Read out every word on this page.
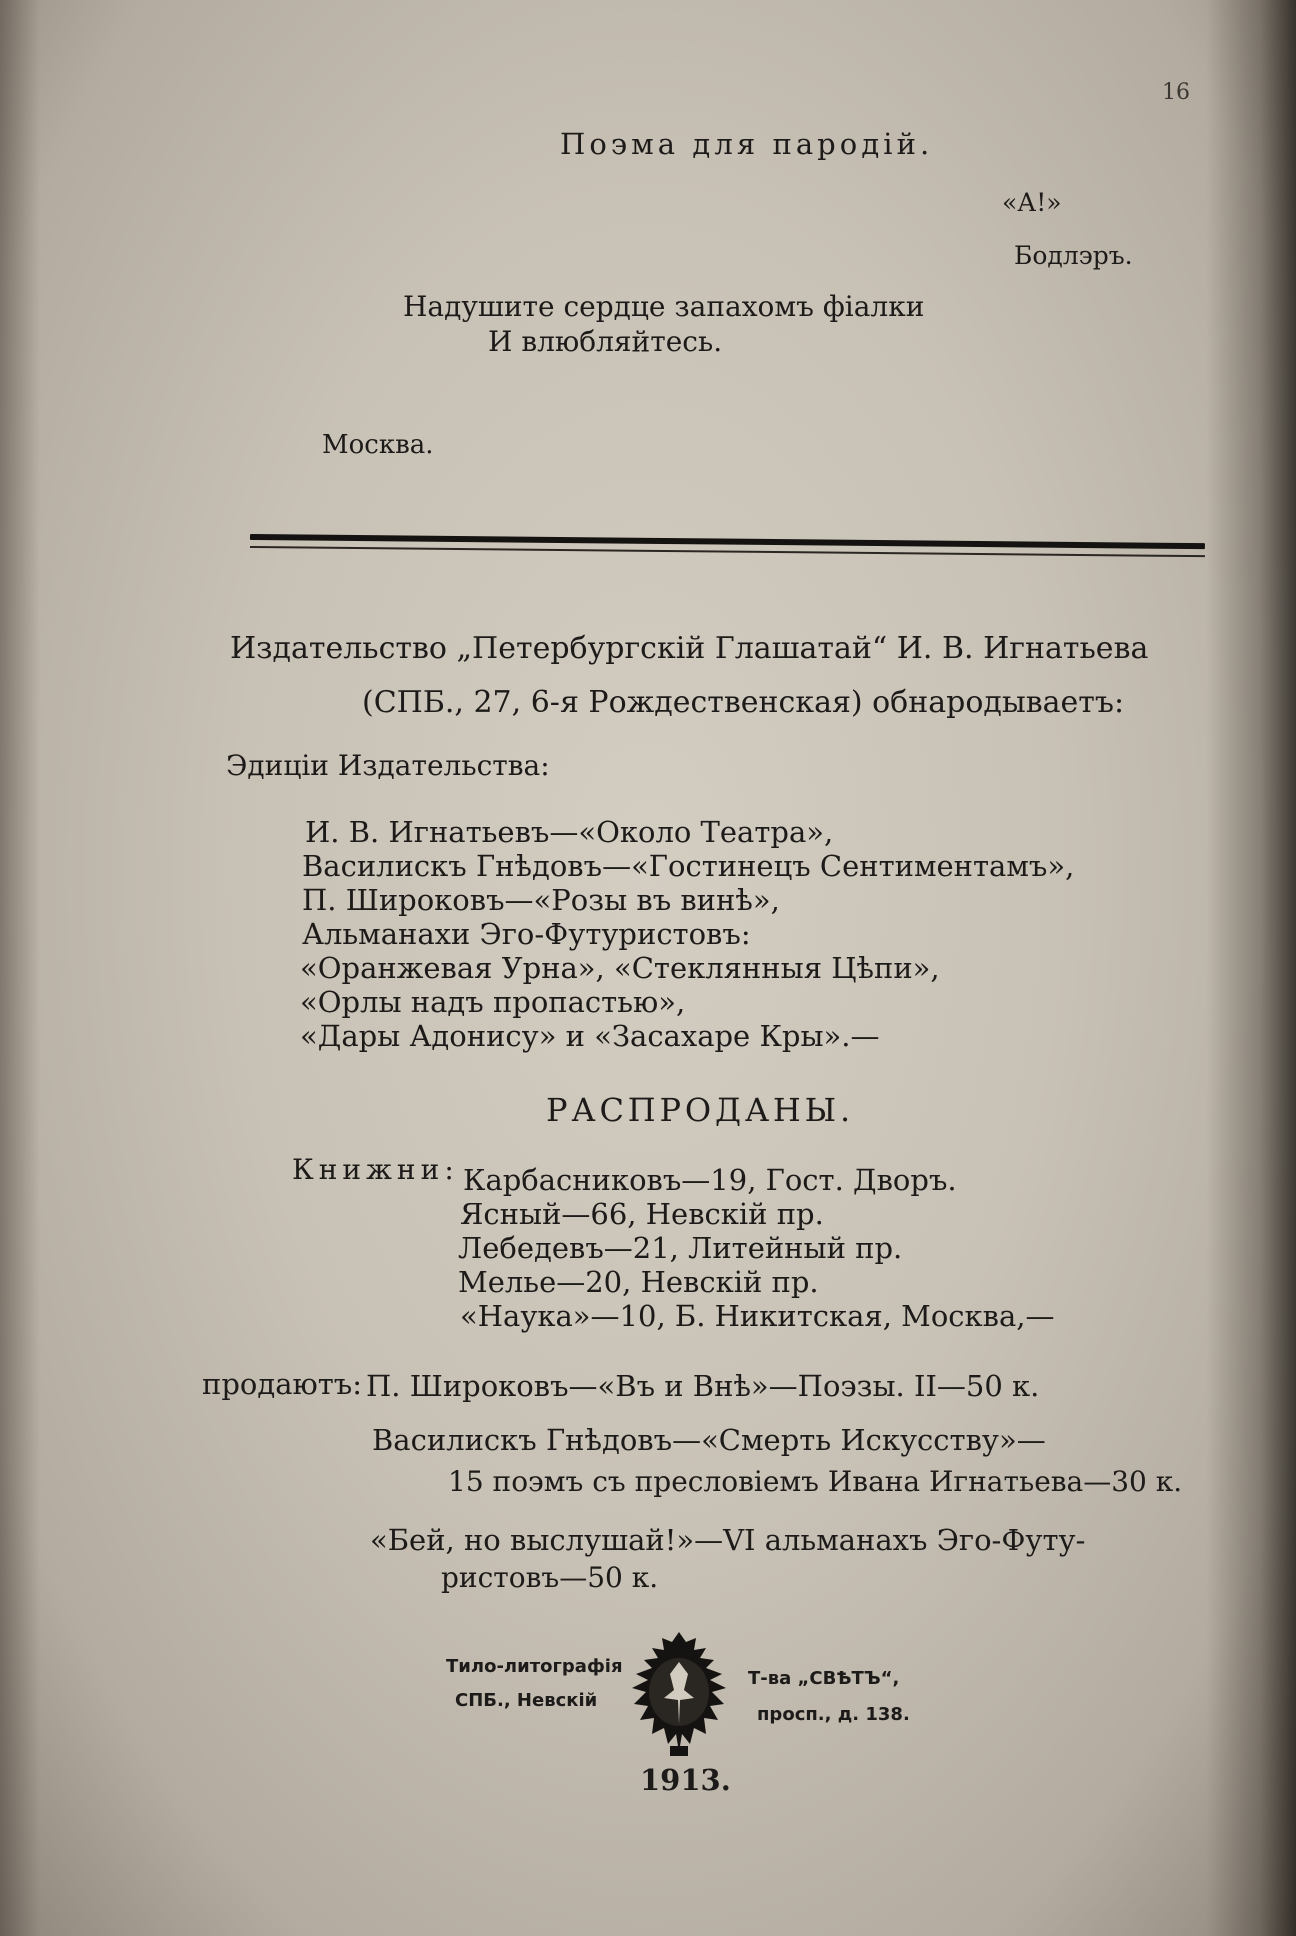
16
Поэма для пародій.
«А!»
Бодлэръ.
Надушите сердце запахомъ фіалки
И влюбляйтесь.
Москва.
Издательство „Петербургскій Глашатай“ И. В. Игнатьева
(СПБ., 27, 6-я Рождественская) обнародываетъ:
Эдиціи Издательства:
И. В. Игнатьевъ—«Около Театра»,
Василискъ Гнѣдовъ—«Гостинецъ Сентиментамъ»,
П. Широковъ—«Розы въ винѣ»,
Альманахи Эго-Футуристовъ:
«Оранжевая Урна», «Стеклянныя Цѣпи»,
«Орлы надъ пропастью»,
«Дары Адонису» и «Засахаре Кры».—
РАСПРОДАНЫ.
Книжни: Карбасниковъ—19, Гост. Дворъ.
Ясный—66, Невскій пр.
Лебедевъ—21, Литейный пр.
Мелье—20, Невскій пр.
«Наука»—10, Б. Никитская, Москва,—
продаютъ: П. Широковъ—«Въ и Внѣ»—Поэзы. II—50 к.
Василискъ Гнѣдовъ—«Смерть Искусству»—
15 поэмъ съ пресловіемъ Ивана Игнатьева—30 к.
«Бей, но выслушай!»—VI альманахъ Эго-Футу-
ристовъ—50 к.
Тило-литографія
СПБ., Невскій
Т-ва „СВѢТЪ“,
просп., д. 138.
1913.
